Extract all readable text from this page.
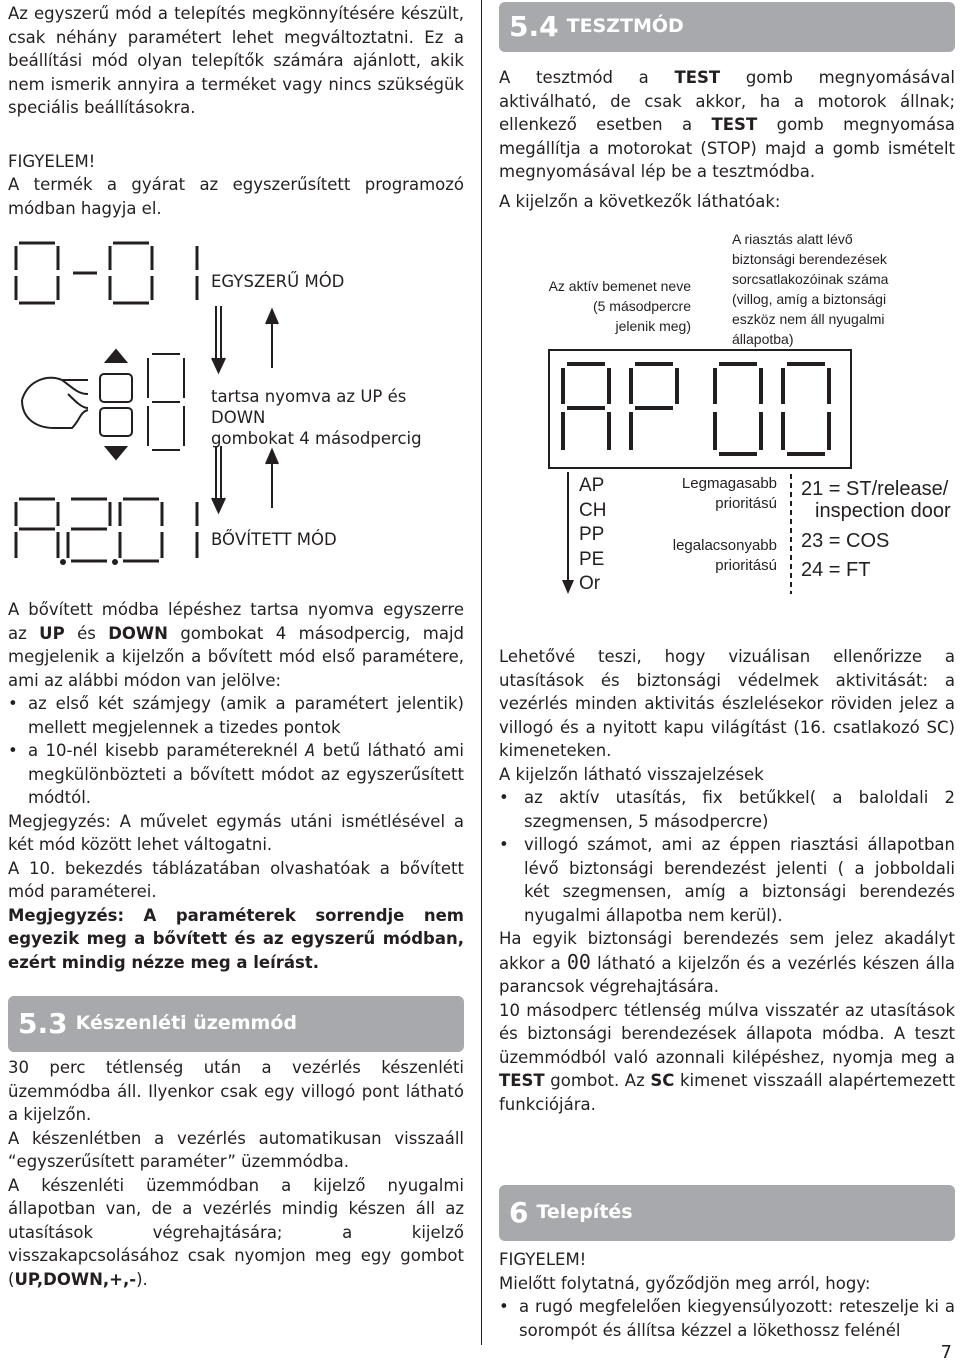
Az egyszerű mód a telepítés megkönnyítésére készült, csak néhány paramétert lehet megváltoztatni. Ez a beállítási mód olyan telepítők számára ajánlott, akik nem ismerik annyira a terméket vagy nincs szükségük speciális beállításokra.

FIGYELEM!

A termék a gyárat az egyszerűsített programozó módban hagyja el.

EGYSZERŰ MÓD
tartsa nyomva az UP és DOWN
gombokat 4 másodpercig
BŐVÍTETT MÓD

A bővített módba lépéshez tartsa nyomva egyszerre az UP és DOWN gombokat 4 másodpercig, majd megjelenik a kijelzőn a bővített mód első paramétere, ami az alábbi módon van jelölve:

• az első két számjegy (amik a paramétert jelentik) mellett megjelennek a tizedes pontok
• a 10-nél kisebb paramétereknél A betű látható ami megkülönbözteti a bővített módot az egyszerűsített módtól.

Megjegyzés: A művelet egymás utáni ismétlésével a két mód között lehet váltogatni.

A 10. bekezdés táblázatában olvashatóak a bővített mód paraméterei.

Megjegyzés: A paraméterek sorrendje nem egyezik meg a bővített és az egyszerű módban, ezért mindig nézze meg a leírást.

5.3 Készenléti üzemmód

30 perc tétlenség után a vezérlés készenléti üzemmódba áll. Ilyenkor csak egy villogó pont látható a kijelzőn.

A készenlétben a vezérlés automatikusan visszaáll “egyszerűsített paraméter” üzemmódba.

A készenléti üzemmódban a kijelző nyugalmi állapotban van, de a vezérlés mindig készen áll az utasítások végrehajtására; a kijelző visszakapcsolásához csak nyomjon meg egy gombot (UP,DOWN,+,-).

5.4 TESZTMÓD

A tesztmód a TEST gomb megnyomásával aktiválható, de csak akkor, ha a motorok állnak; ellenkező esetben a TEST gomb megnyomása megállítja a motorokat (STOP) majd a gomb ismételt megnyomásával lép be a tesztmódba.

A kijelzőn a következők láthatóak:

Az aktív bemenet neve
(5 másodpercre
jelenik meg)
A riasztás alatt lévő
biztonsági berendezések
sorcsatlakozóinak száma
(villog, amíg a biztonsági
eszköz nem áll nyugalmi
állapotba)
AP
CH
PP
PE
Or
Legmagasabb
prioritású
legalacsonyabb
prioritású
21 = ST/release/
inspection door
23 = COS
24 = FT

Lehetővé teszi, hogy vizuálisan ellenőrizze a utasítások és biztonsági védelmek aktivitását: a vezérlés minden aktivitás észlelésekor röviden jelez a villogó és a nyitott kapu világítást (16. csatlakozó SC) kimeneteken.

A kijelzőn látható visszajelzések

• az aktív utasítás, fix betűkkel( a baloldali 2 szegmensen, 5 másodpercre)
• villogó számot, ami az éppen riasztási állapotban lévő biztonsági berendezést jelenti ( a jobboldali két szegmensen, amíg a biztonsági berendezés nyugalmi állapotba nem kerül).

Ha egyik biztonsági berendezés sem jelez akadályt akkor a 00 látható a kijelzőn és a vezérlés készen álla parancsok végrehajtására.

10 másodperc tétlenség múlva visszatér az utasítások és biztonsági berendezések állapota módba. A teszt üzemmódból való azonnali kilépéshez, nyomja meg a TEST gombot. Az SC kimenet visszaáll alapértemezett funkciójára.

6 Telepítés

FIGYELEM!

Mielőtt folytatná, győződjön meg arról, hogy:

• a rugó megfelelően kiegyensúlyozott: reteszelje ki a sorompót és állítsa kézzel a lökethossz felénél
7
